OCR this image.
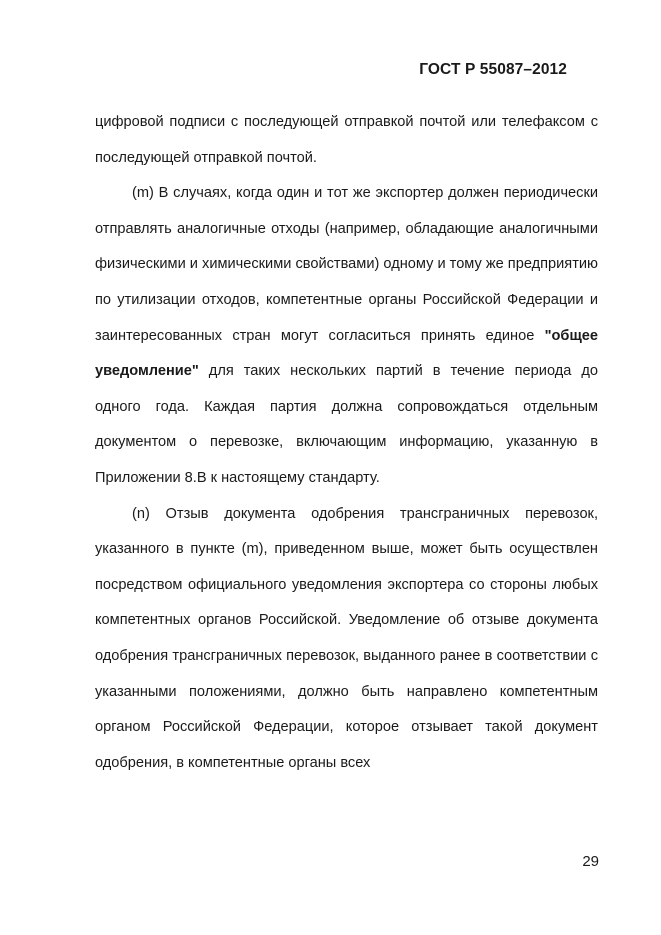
ГОСТ Р 55087–2012

цифровой подписи с последующей отправкой почтой или телефаксом с последующей отправкой почтой.

(m) В случаях, когда один и тот же экспортер должен периодически отправлять аналогичные отходы (например, обладающие аналогичными физическими и химическими свойствами) одному и тому же предприятию по утилизации отходов, компетентные органы Российской Федерации и заинтересованных стран могут согласиться принять единое "общее уведомление" для таких нескольких партий в течение периода до одного года. Каждая партия должна сопровождаться отдельным документом о перевозке, включающим информацию, указанную в Приложении 8.В к настоящему стандарту.

(n) Отзыв документа одобрения трансграничных перевозок, указанного в пункте (m), приведенном выше, может быть осуществлен посредством официального уведомления экспортера со стороны любых компетентных органов Российской. Уведомление об отзыве документа одобрения трансграничных перевозок, выданного ранее в соответствии с указанными положениями, должно быть направлено компетентным органом Российской Федерации, которое отзывает такой документ одобрения, в компетентные органы всех

29
